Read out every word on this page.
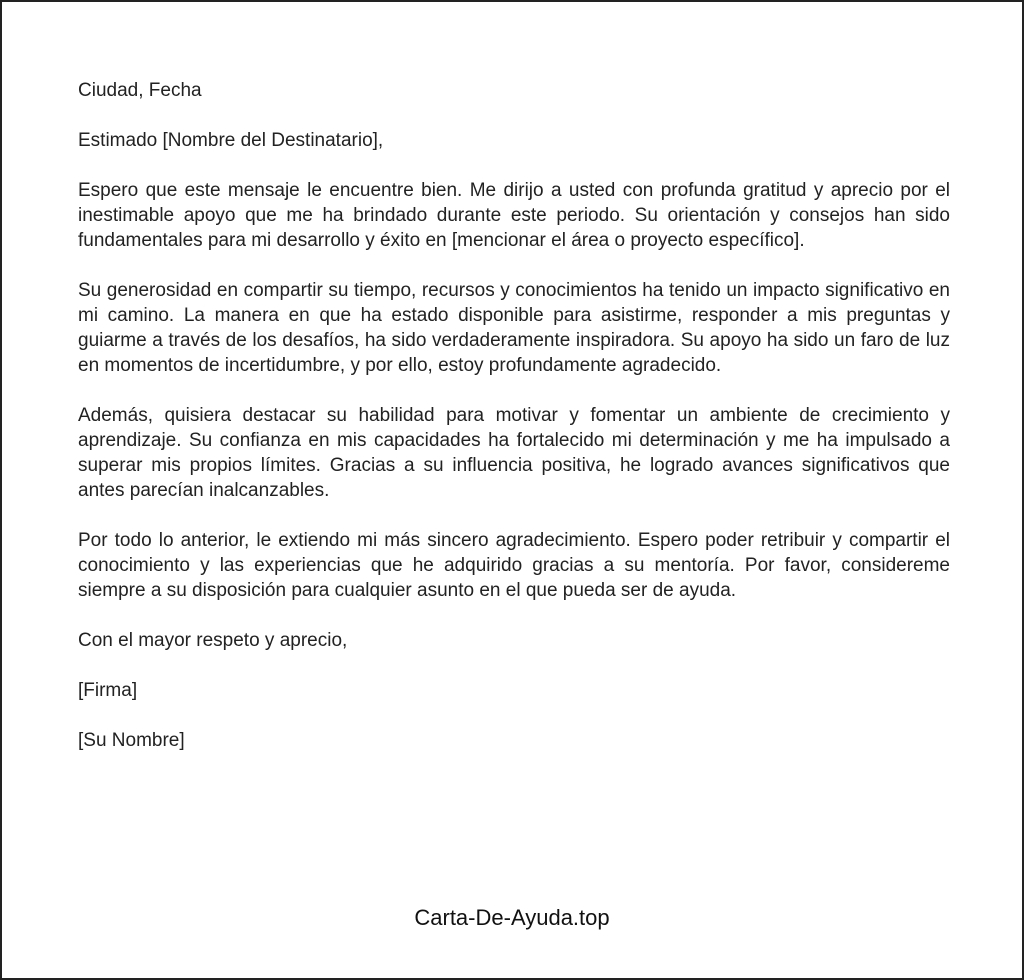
Ciudad, Fecha

Estimado [Nombre del Destinatario],

Espero que este mensaje le encuentre bien. Me dirijo a usted con profunda gratitud y aprecio por el inestimable apoyo que me ha brindado durante este periodo. Su orientación y consejos han sido fundamentales para mi desarrollo y éxito en [mencionar el área o proyecto específico].

Su generosidad en compartir su tiempo, recursos y conocimientos ha tenido un impacto significativo en mi camino. La manera en que ha estado disponible para asistirme, responder a mis preguntas y guiarme a través de los desafíos, ha sido verdaderamente inspiradora. Su apoyo ha sido un faro de luz en momentos de incertidumbre, y por ello, estoy profundamente agradecido.

Además, quisiera destacar su habilidad para motivar y fomentar un ambiente de crecimiento y aprendizaje. Su confianza en mis capacidades ha fortalecido mi determinación y me ha impulsado a superar mis propios límites. Gracias a su influencia positiva, he logrado avances significativos que antes parecían inalcanzables.

Por todo lo anterior, le extiendo mi más sincero agradecimiento. Espero poder retribuir y compartir el conocimiento y las experiencias que he adquirido gracias a su mentoría. Por favor, considereme siempre a su disposición para cualquier asunto en el que pueda ser de ayuda.

Con el mayor respeto y aprecio,

[Firma]

[Su Nombre]

Carta-De-Ayuda.top
